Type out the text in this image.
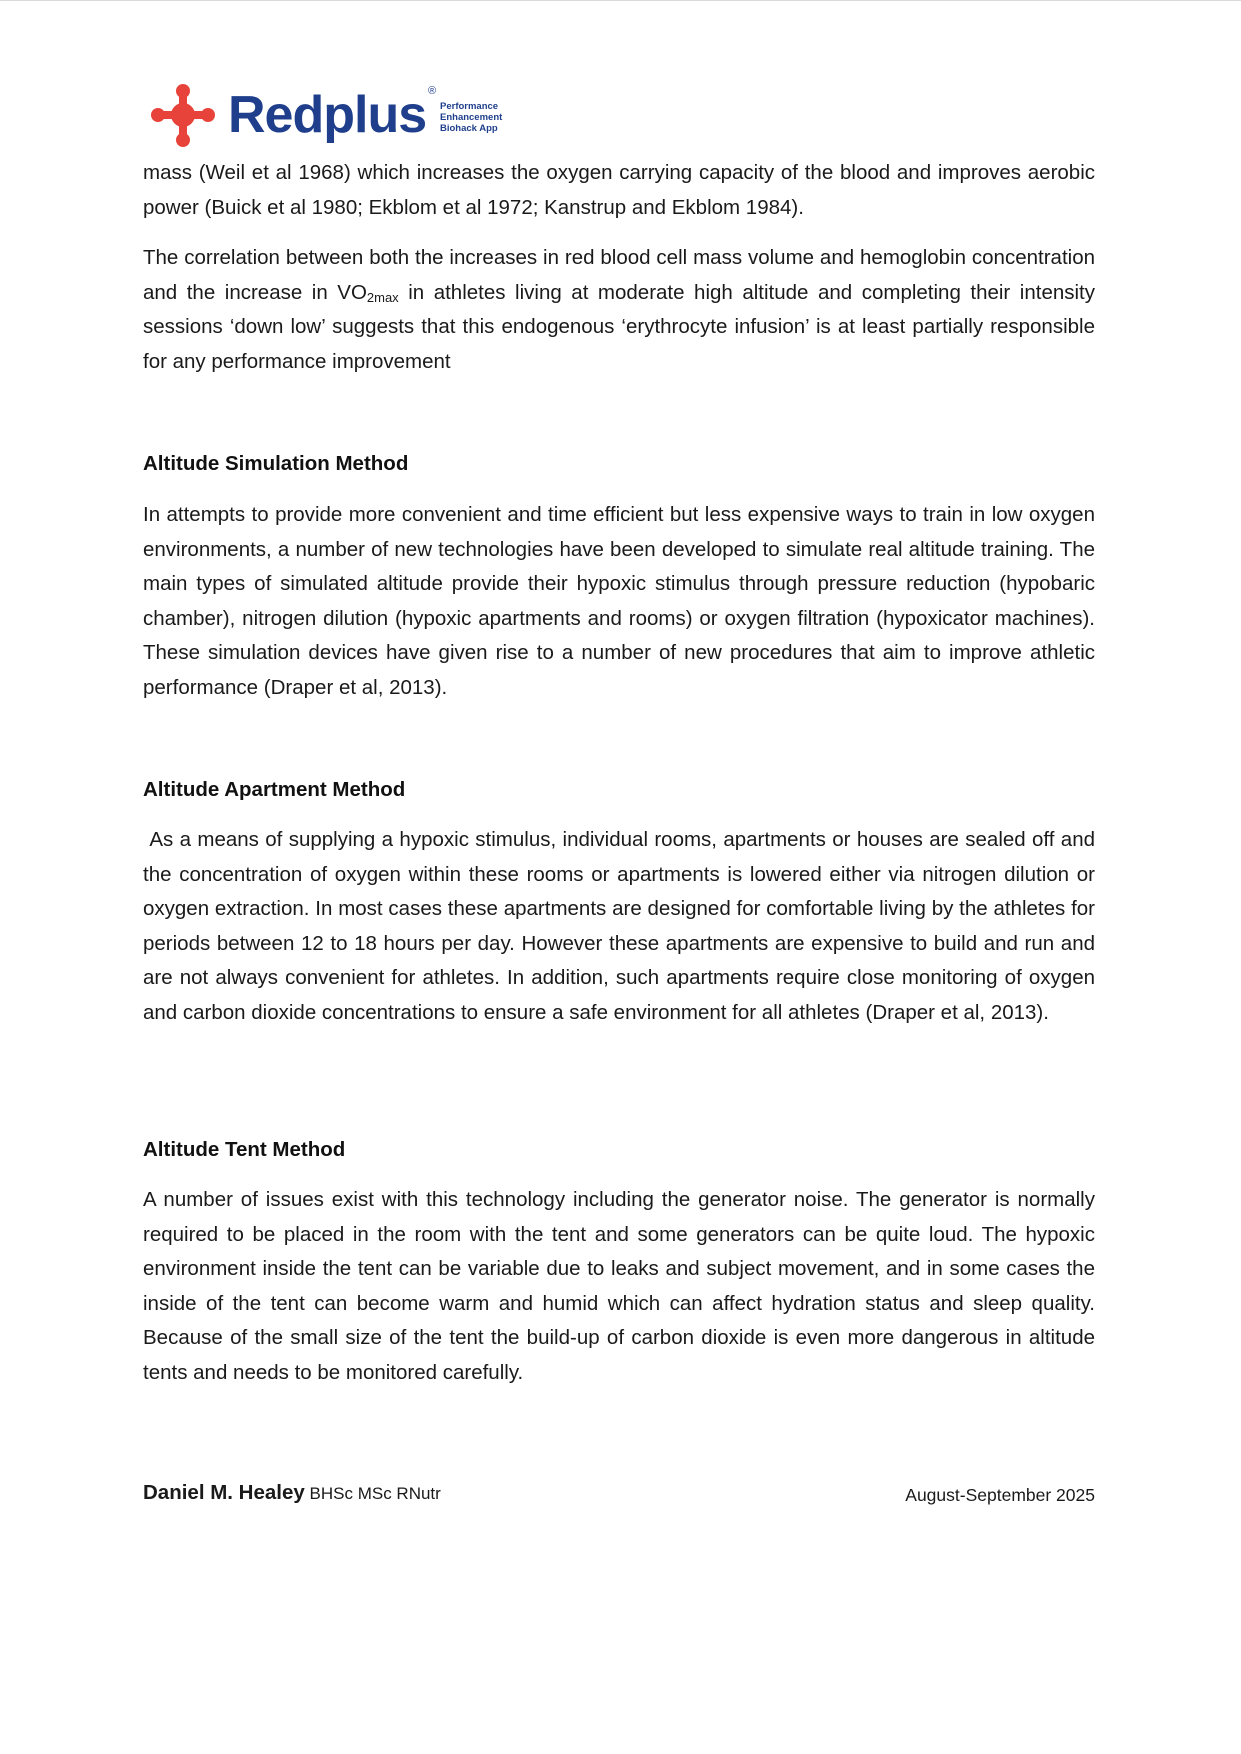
Redplus ®
Performance
Enhancement
Biohack App

mass (Weil et al 1968) which increases the oxygen carrying capacity of the blood and improves aerobic power (Buick et al 1980; Ekblom et al 1972; Kanstrup and Ekblom 1984).

The correlation between both the increases in red blood cell mass volume and hemoglobin concentration and the increase in $VO_{2max}$ in athletes living at moderate high altitude and completing their intensity sessions ‘down low’ suggests that this endogenous ‘erythrocyte infusion’ is at least partially responsible for any performance improvement

Altitude Simulation Method

In attempts to provide more convenient and time efficient but less expensive ways to train in low oxygen environments, a number of new technologies have been developed to simulate real altitude training. The main types of simulated altitude provide their hypoxic stimulus through pressure reduction (hypobaric chamber), nitrogen dilution (hypoxic apartments and rooms) or oxygen filtration (hypoxicator machines). These simulation devices have given rise to a number of new procedures that aim to improve athletic performance (Draper et al, 2013).

Altitude Apartment Method

As a means of supplying a hypoxic stimulus, individual rooms, apartments or houses are sealed off and the concentration of oxygen within these rooms or apartments is lowered either via nitrogen dilution or oxygen extraction. In most cases these apartments are designed for comfortable living by the athletes for periods between 12 to 18 hours per day. However these apartments are expensive to build and run and are not always convenient for athletes. In addition, such apartments require close monitoring of oxygen and carbon dioxide concentrations to ensure a safe environment for all athletes (Draper et al, 2013).

Altitude Tent Method

A number of issues exist with this technology including the generator noise. The generator is normally required to be placed in the room with the tent and some generators can be quite loud. The hypoxic environment inside the tent can be variable due to leaks and subject movement, and in some cases the inside of the tent can become warm and humid which can affect hydration status and sleep quality. Because of the small size of the tent the build-up of carbon dioxide is even more dangerous in altitude tents and needs to be monitored carefully.

Daniel M. Healey BHSc MSc RNutr	August-September 2025
